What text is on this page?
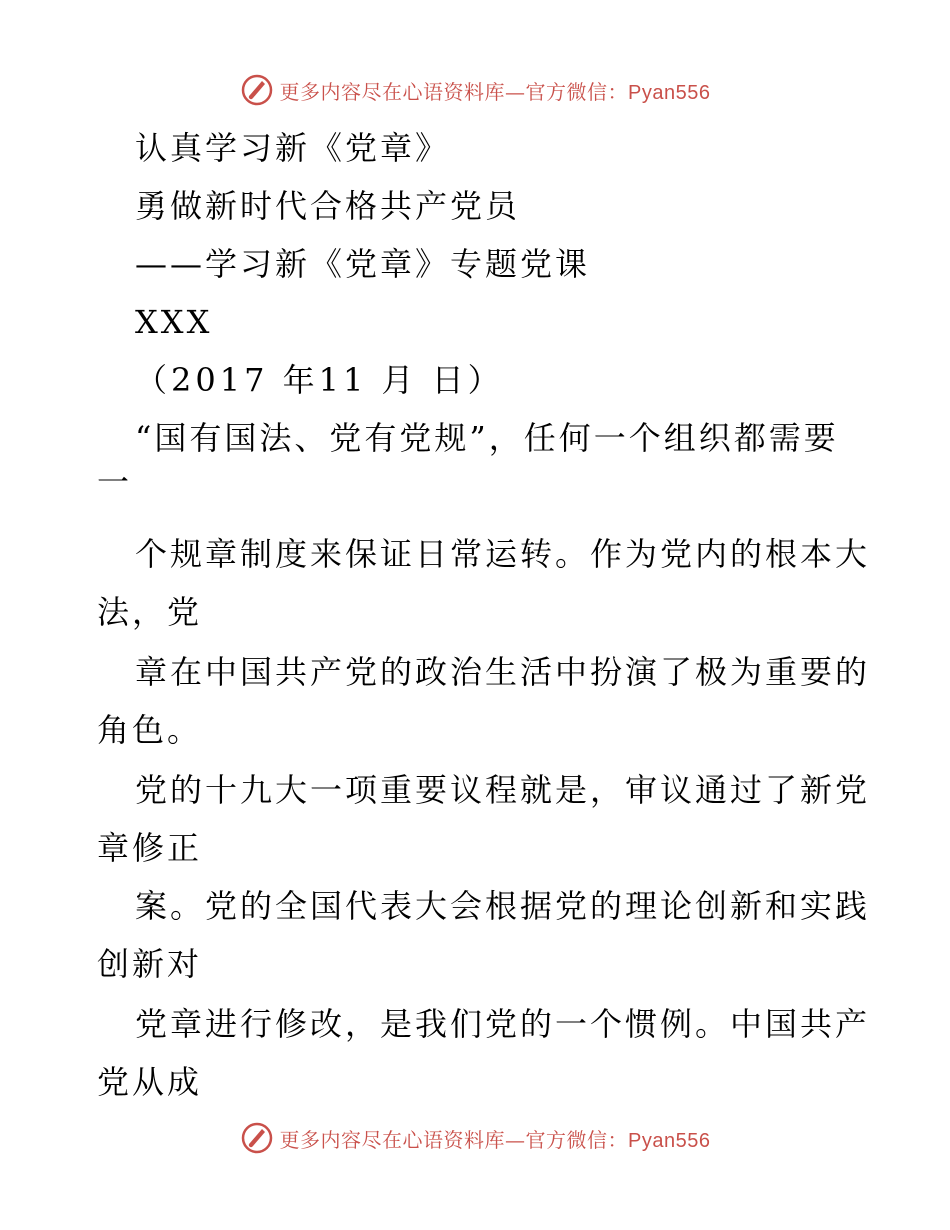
更多内容尽在心语资料库—官方微信：Pyan556
认真学习新《党章》
勇做新时代合格共产党员
——学习新《党章》专题党课
XXX
（2017 年11 月 日）
“国有国法、党有党规”，任何一个组织都需要
一
个规章制度来保证日常运转。作为党内的根本大
法，党
章在中国共产党的政治生活中扮演了极为重要的
角色。
党的十九大一项重要议程就是，审议通过了新党
章修正
案。党的全国代表大会根据党的理论创新和实践
创新对
党章进行修改，是我们党的一个惯例。中国共产
党从成
更多内容尽在心语资料库—官方微信：Pyan556
